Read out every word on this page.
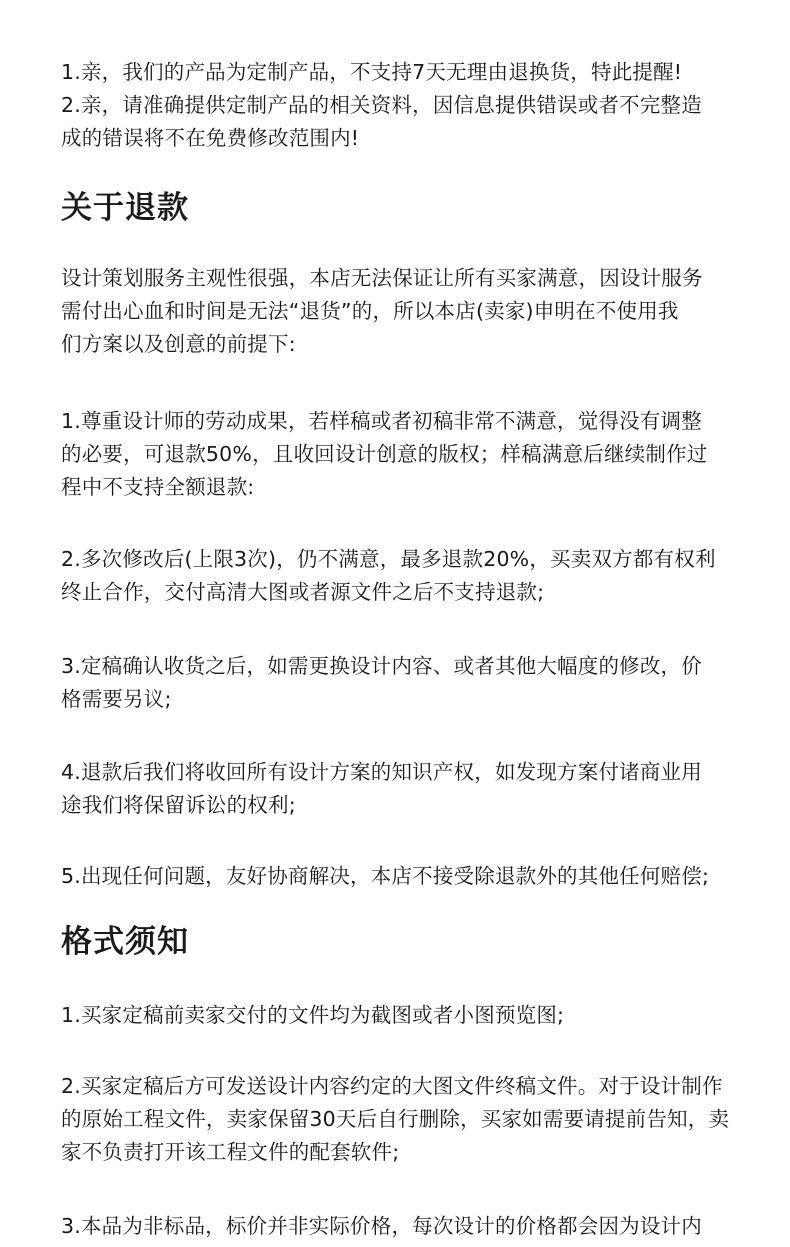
1.亲，我们的产品为定制产品，不支持7天无理由退换货，特此提醒!

2.亲，请准确提供定制产品的相关资料，因信息提供错误或者不完整造
成的错误将不在免费修改范围内!

关于退款

设计策划服务主观性很强，本店无法保证让所有买家满意，因设计服务
需付出心血和时间是无法“退货”的，所以本店(卖家)申明在不使用我
们方案以及创意的前提下:

1.尊重设计师的劳动成果，若样稿或者初稿非常不满意，觉得没有调整
的必要，可退款50%，且收回设计创意的版权；样稿满意后继续制作过
程中不支持全额退款:

2.多次修改后(上限3次)，仍不满意，最多退款20%，买卖双方都有权利
终止合作，交付高清大图或者源文件之后不支持退款;

3.定稿确认收货之后，如需更换设计内容、或者其他大幅度的修改，价
格需要另议;

4.退款后我们将收回所有设计方案的知识产权，如发现方案付诸商业用
途我们将保留诉讼的权利;

5.出现任何问题，友好协商解决，本店不接受除退款外的其他任何赔偿;

格式须知

1.买家定稿前卖家交付的文件均为截图或者小图预览图;

2.买家定稿后方可发送设计内容约定的大图文件终稿文件。对于设计制作
的原始工程文件，卖家保留30天后自行删除，买家如需要请提前告知，卖
家不负责打开该工程文件的配套软件;

3.本品为非标品，标价并非实际价格，每次设计的价格都会因为设计内
